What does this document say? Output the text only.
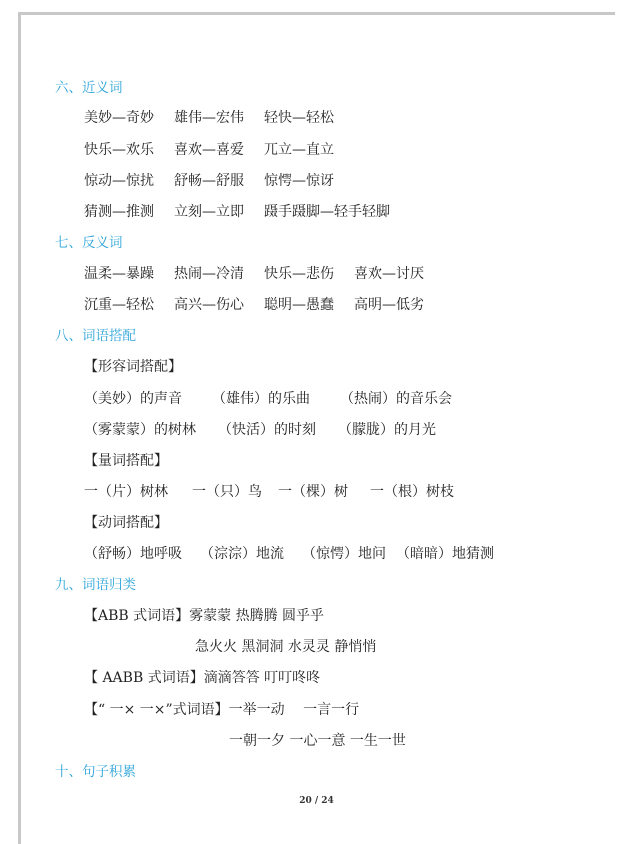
六、近义词
美妙—奇妙 雄伟—宏伟 轻快—轻松
快乐—欢乐 喜欢—喜爱 兀立—直立
惊动—惊扰 舒畅—舒服 惊愕—惊讶
猜测—推测 立刻—立即 蹑手蹑脚—轻手轻脚
七、反义词
温柔—暴躁 热闹—冷清 快乐—悲伤 喜欢—讨厌
沉重—轻松 高兴—伤心 聪明—愚蠢 高明—低劣
八、词语搭配
【形容词搭配】
（美妙）的声音 （雄伟）的乐曲 （热闹）的音乐会
（雾蒙蒙）的树林 （快活）的时刻 （朦胧）的月光
【量词搭配】
一（片）树林 一（只）鸟 一（棵）树 一（根）树枝
【动词搭配】
（舒畅）地呼吸 （淙淙）地流 （惊愕）地问 （暗暗）地猜测
九、词语归类
【ABB 式词语】雾蒙蒙 热腾腾 圆乎乎
急火火 黑洞洞 水灵灵 静悄悄
【 AABB 式词语】滴滴答答 叮叮咚咚
【“ 一× 一×”式词语】一举一动　 一言一行
一朝一夕 一心一意 一生一世
十、句子积累
20 / 24
